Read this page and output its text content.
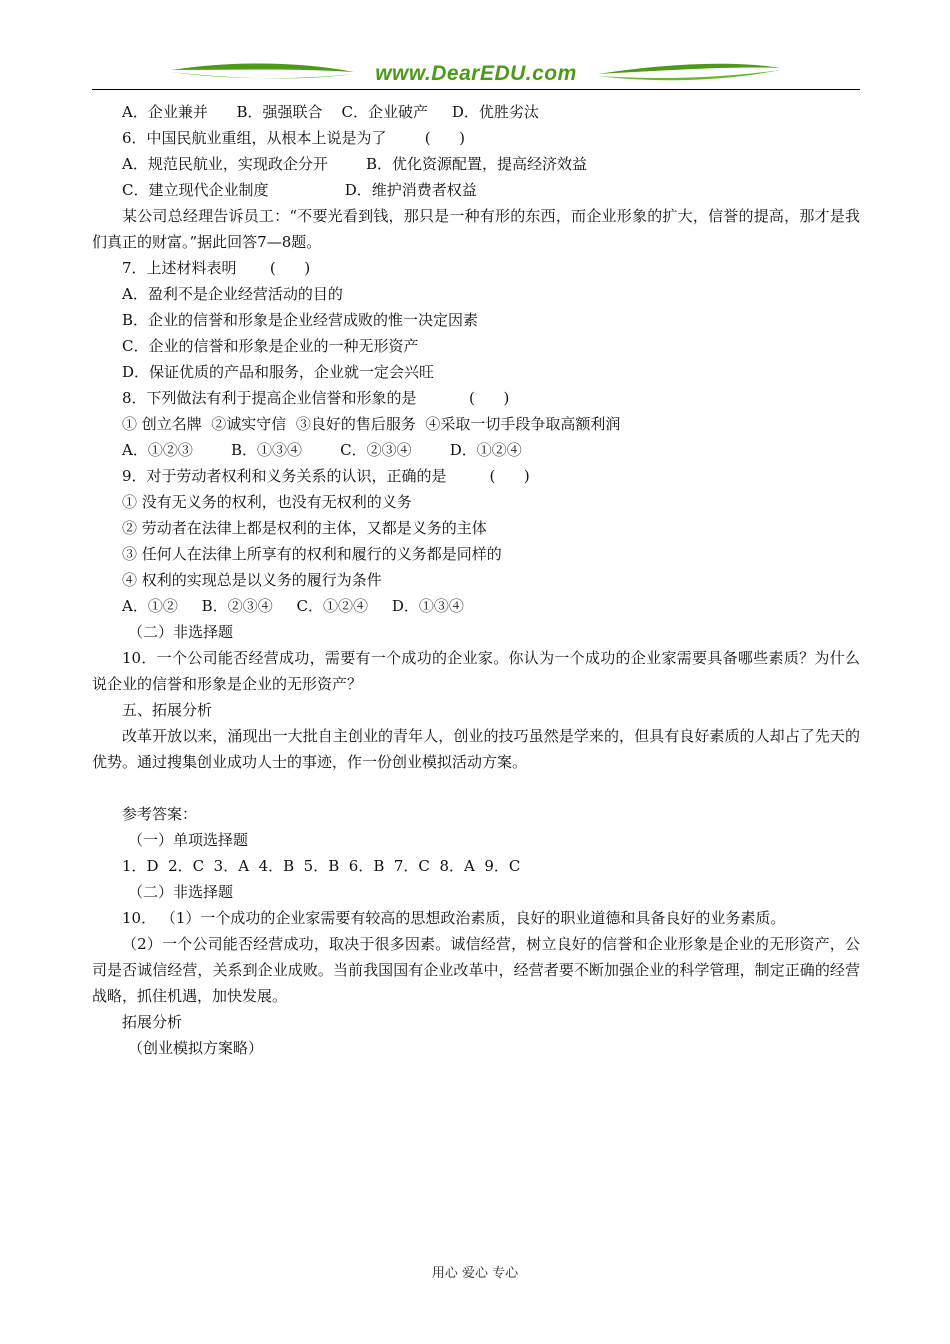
www.DearEDU.com
A．企业兼并      B．强强联合    C．企业破产     D．优胜劣汰
6．中国民航业重组，从根本上说是为了        (      )
A．规范民航业，实现政企分开        B．优化资源配置，提高经济效益
C．建立现代企业制度                D．维护消费者权益
某公司总经理告诉员工：“不要光看到钱，那只是一种有形的东西，而企业形象的扩大，信誉的提高，那才是我们真正的财富。”据此回答7—8题。
7．上述材料表明       (      )
A．盈利不是企业经营活动的目的
B．企业的信誉和形象是企业经营成败的惟一决定因素
C．企业的信誉和形象是企业的一种无形资产
D．保证优质的产品和服务，企业就一定会兴旺
8．下列做法有利于提高企业信誉和形象的是           (      )
① 创立名牌  ②诚实守信  ③良好的售后服务  ④采取一切手段争取高额利润
A．①②③        B．①③④        C．②③④        D．①②④
9．对于劳动者权利和义务关系的认识，正确的是         (      )
① 没有无义务的权利，也没有无权利的义务
② 劳动者在法律上都是权利的主体，又都是义务的主体
③ 任何人在法律上所享有的权利和履行的义务都是同样的
④ 权利的实现总是以义务的履行为条件
A．①②     B．②③④     C．①②④     D．①③④
（二）非选择题
10．一个公司能否经营成功，需要有一个成功的企业家。你认为一个成功的企业家需要具备哪些素质？为什么说企业的信誉和形象是企业的无形资产？
五、拓展分析
改革开放以来，涌现出一大批自主创业的青年人，创业的技巧虽然是学来的，但具有良好素质的人却占了先天的优势。通过搜集创业成功人士的事迹，作一份创业模拟活动方案。
参考答案：
（一）单项选择题
1．D  2．C  3．A  4．B  5．B  6．B  7．C  8．A  9．C
（二）非选择题
10． （1）一个成功的企业家需要有较高的思想政治素质，良好的职业道德和具备良好的业务素质。
（2）一个公司能否经营成功，取决于很多因素。诚信经营，树立良好的信誉和企业形象是企业的无形资产，公司是否诚信经营，关系到企业成败。当前我国国有企业改革中，经营者要不断加强企业的科学管理，制定正确的经营战略，抓住机遇，加快发展。
拓展分析
（创业模拟方案略）
用心 爱心 专心
